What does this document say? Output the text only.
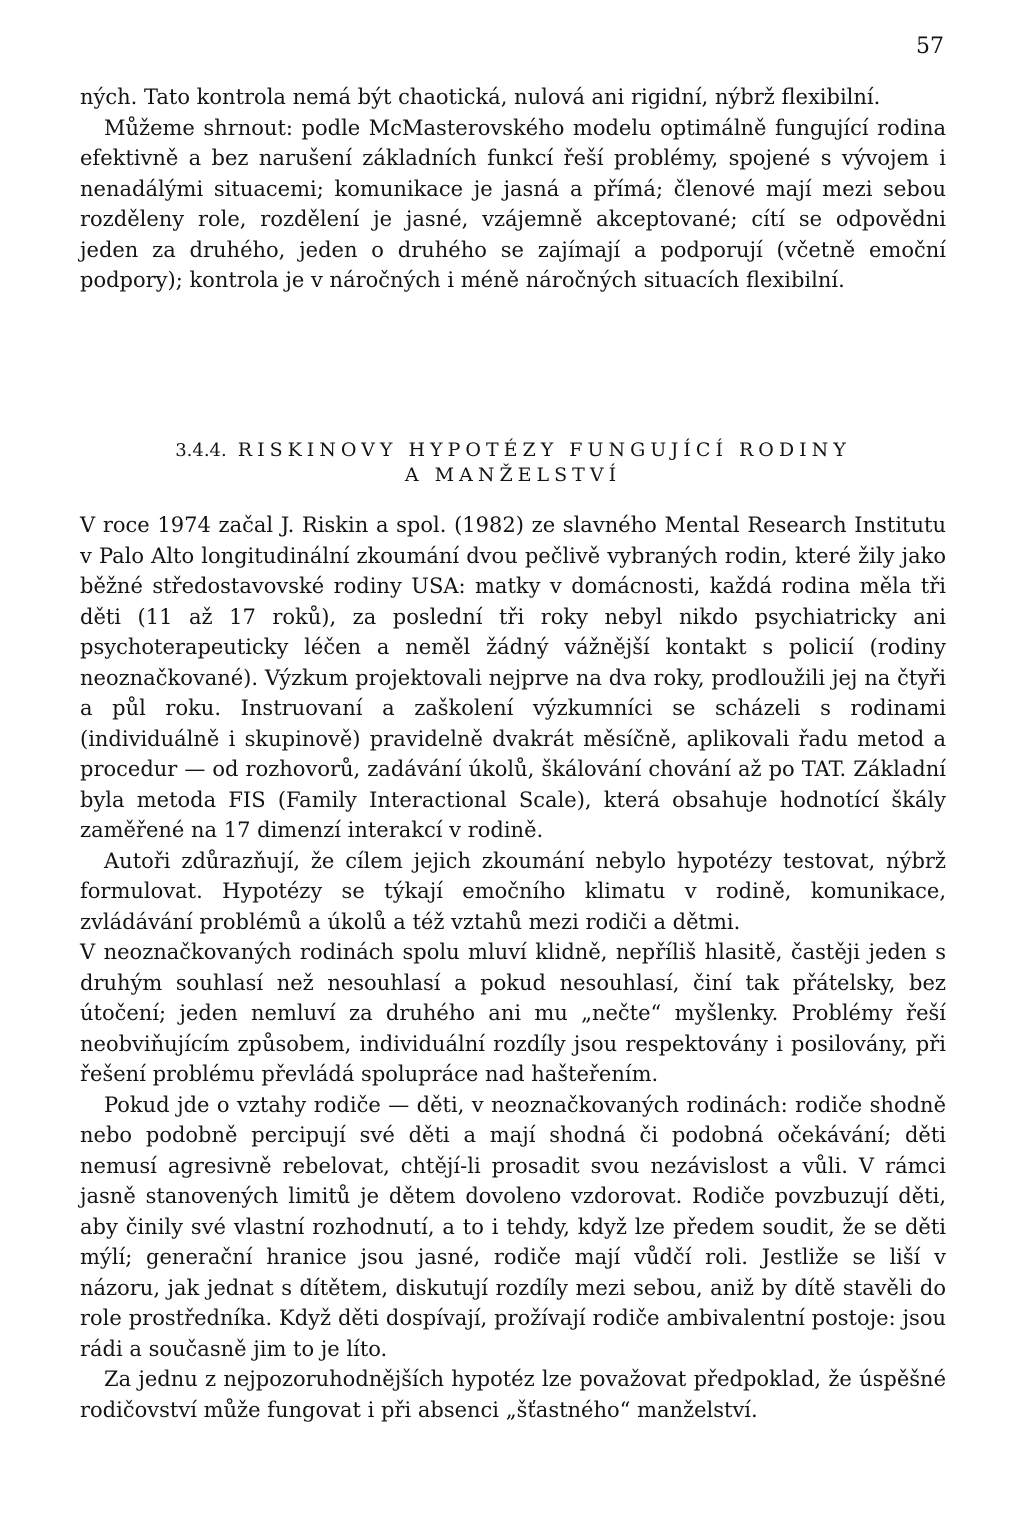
57

ných. Tato kontrola nemá být chaotická, nulová ani rigidní, nýbrž flexibilní.

Můžeme shrnout: podle McMasterovského modelu optimálně fungující rodina efektivně a bez narušení základních funkcí řeší problémy, spojené s vývojem i nenadálými situacemi; komunikace je jasná a přímá; členové mají mezi sebou rozděleny role, rozdělení je jasné, vzájemně akceptované; cítí se odpovědni jeden za druhého, jeden o druhého se zajímají a podporují (včetně emoční podpory); kontrola je v náročných i méně náročných situacích flexibilní.

3.4.4. RISKINOVY HYPOTÉZY FUNGUJÍCÍ RODINY
A MANŽELSTVÍ

V roce 1974 začal J. Riskin a spol. (1982) ze slavného Mental Research Institutu v Palo Alto longitudinální zkoumání dvou pečlivě vybraných rodin, které žily jako běžné středostavovské rodiny USA: matky v domácnosti, každá rodina měla tři děti (11 až 17 roků), za poslední tři roky nebyl nikdo psychiatricky ani psychoterapeuticky léčen a neměl žádný vážnější kontakt s policií (rodiny neoznačkované). Výzkum projektovali nejprve na dva roky, prodloužili jej na čtyři a půl roku. Instruovaní a zaškolení výzkumníci se scházeli s rodinami (individuálně i skupinově) pravidelně dvakrát měsíčně, aplikovali řadu metod a procedur — od rozhovorů, zadávání úkolů, škálování chování až po TAT. Základní byla metoda FIS (Family Interactional Scale), která obsahuje hodnotící škály zaměřené na 17 dimenzí interakcí v rodině.

Autoři zdůrazňují, že cílem jejich zkoumání nebylo hypotézy testovat, nýbrž formulovat. Hypotézy se týkají emočního klimatu v rodině, komunikace, zvládávání problémů a úkolů a též vztahů mezi rodiči a dětmi.

V neoznačkovaných rodinách spolu mluví klidně, nepříliš hlasitě, častěji jeden s druhým souhlasí než nesouhlasí a pokud nesouhlasí, činí tak přátelsky, bez útočení; jeden nemluví za druhého ani mu „nečte“ myšlenky. Problémy řeší neobviňujícím způsobem, individuální rozdíly jsou respektovány i posilovány, při řešení problému převládá spolupráce nad hašteřením.

Pokud jde o vztahy rodiče — děti, v neoznačkovaných rodinách: rodiče shodně nebo podobně percipují své děti a mají shodná či podobná očekávání; děti nemusí agresivně rebelovat, chtějí-li prosadit svou nezávislost a vůli. V rámci jasně stanovených limitů je dětem dovoleno vzdorovat. Rodiče povzbuzují děti, aby činily své vlastní rozhodnutí, a to i tehdy, když lze předem soudit, že se děti mýlí; generační hranice jsou jasné, rodiče mají vůdčí roli. Jestliže se liší v názoru, jak jednat s dítětem, diskutují rozdíly mezi sebou, aniž by dítě stavěli do role prostředníka. Když děti dospívají, prožívají rodiče ambivalentní postoje: jsou rádi a současně jim to je líto.

Za jednu z nejpozoruhodnějších hypotéz lze považovat předpoklad, že úspěšné rodičovství může fungovat i při absenci „šťastného“ manželství.
